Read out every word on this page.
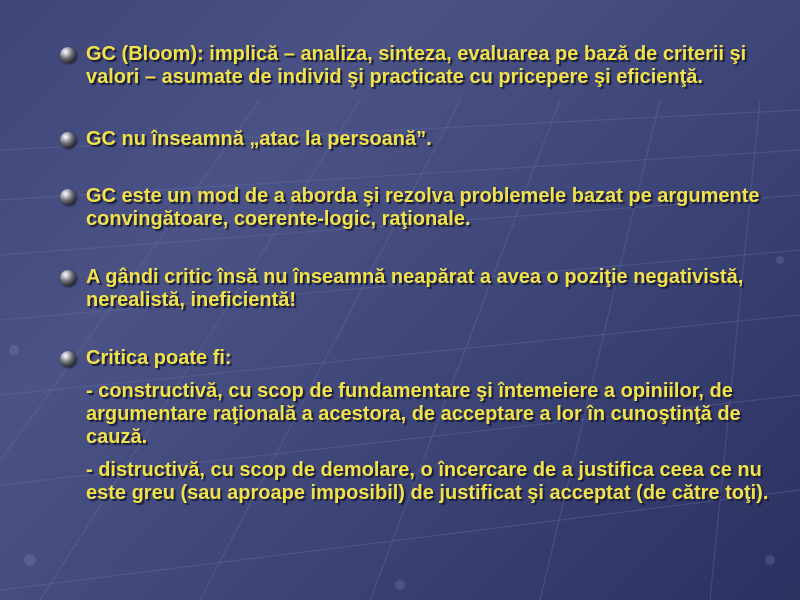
GC (Bloom): implică – analiza, sinteza, evaluarea pe bază de criterii şi valori – asumate de individ şi practicate cu pricepere şi eficienţă.
GC nu înseamnă „atac la persoană”.
GC este un mod de a aborda şi rezolva problemele bazat pe argumente convingătoare, coerente-logic, raţionale.
A gândi critic însă nu înseamnă neapărat a avea o poziţie negativistă, nerealistă, ineficientă!
Critica poate fi:
- constructivă, cu scop de fundamentare şi întemeiere a opiniilor, de argumentare raţională a acestora, de acceptare a lor în cunoştinţă de cauză.
- distructivă, cu scop de demolare, o încercare de a justifica ceea ce nu este greu (sau aproape imposibil) de justificat şi acceptat (de către toţi).
